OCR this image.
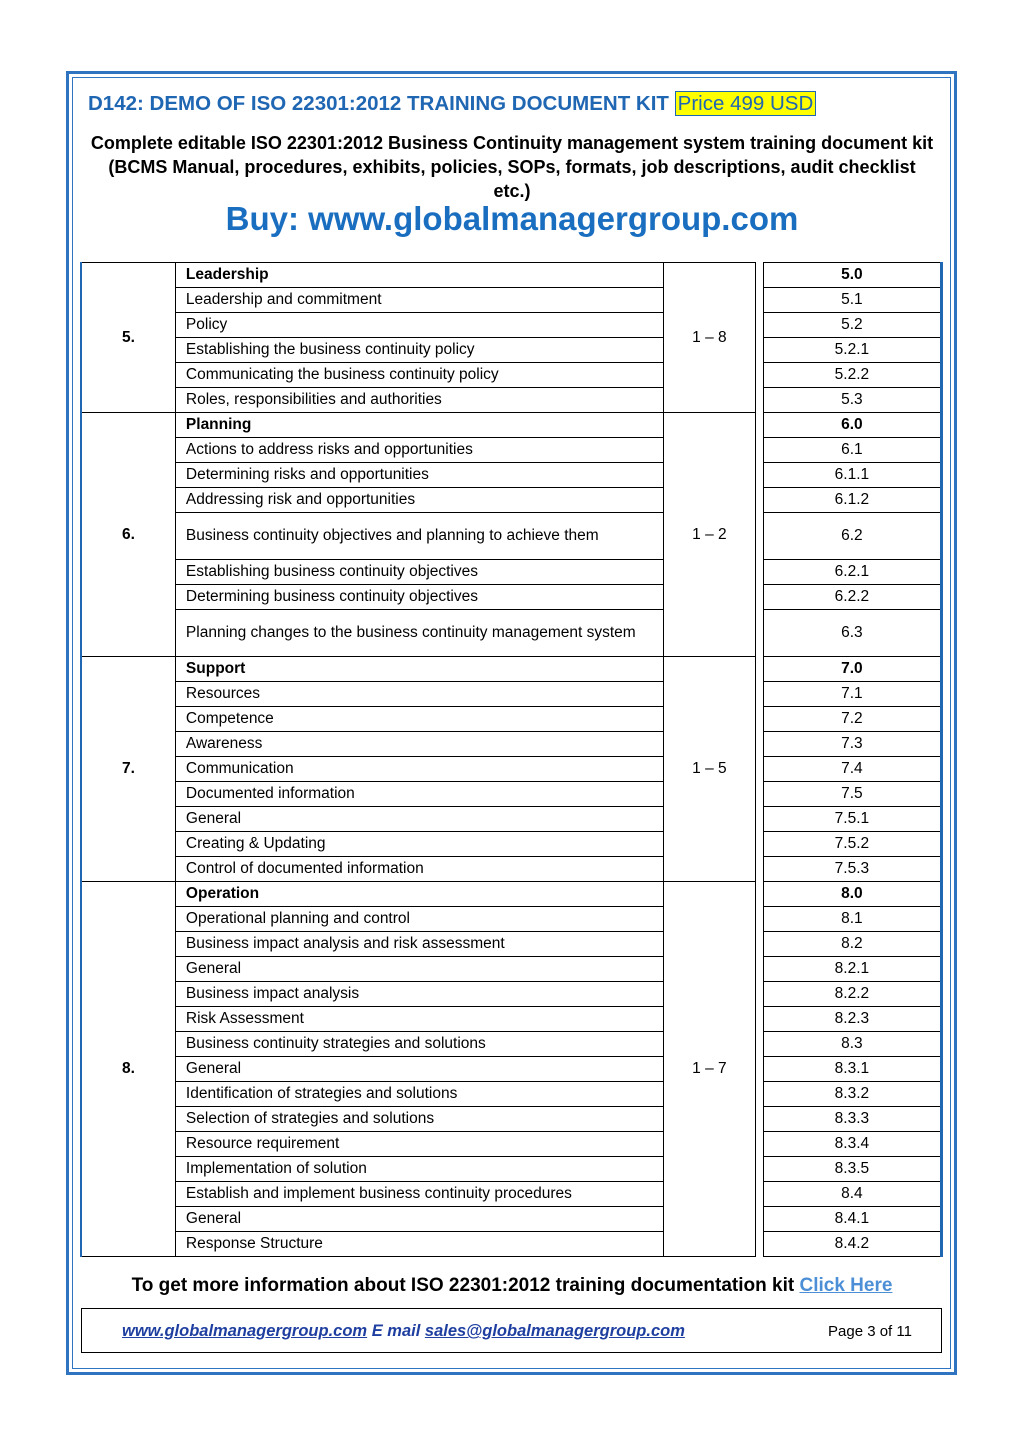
D142: DEMO OF ISO 22301:2012 TRAINING DOCUMENT KIT Price 499 USD
Complete editable ISO 22301:2012 Business Continuity management system training document kit (BCMS Manual, procedures, exhibits, policies, SOPs, formats, job descriptions, audit checklist etc.)
Buy: www.globalmanagergroup.com
5.	Leadership	1 – 8		5.0
	Leadership and commitment			5.1
	Policy			5.2
	Establishing the business continuity policy			5.2.1
	Communicating the business continuity policy			5.2.2
	Roles, responsibilities and authorities			5.3
6.	Planning	1 – 2		6.0
	Actions to address risks and opportunities			6.1
	Determining risks and opportunities			6.1.1
	Addressing risk and opportunities			6.1.2
	Business continuity objectives and planning to achieve them			6.2
	Establishing business continuity objectives			6.2.1
	Determining business continuity objectives			6.2.2
	Planning changes to the business continuity management system			6.3
7.	Support	1 – 5		7.0
	Resources			7.1
	Competence			7.2
	Awareness			7.3
	Communication			7.4
	Documented information			7.5
	General			7.5.1
	Creating & Updating			7.5.2
	Control of documented information			7.5.3
8.	Operation	1 – 7		8.0
	Operational planning and control			8.1
	Business impact analysis and risk assessment			8.2
	General			8.2.1
	Business impact analysis			8.2.2
	Risk Assessment			8.2.3
	Business continuity strategies and solutions			8.3
	General			8.3.1
	Identification of strategies and solutions			8.3.2
	Selection of strategies and solutions			8.3.3
	Resource requirement			8.3.4
	Implementation of solution			8.3.5
	Establish and implement business continuity procedures			8.4
	General			8.4.1
	Response Structure			8.4.2
To get more information about ISO 22301:2012 training documentation kit Click Here
www.globalmanagergroup.com E mail sales@globalmanagergroup.com	Page 3 of 11
